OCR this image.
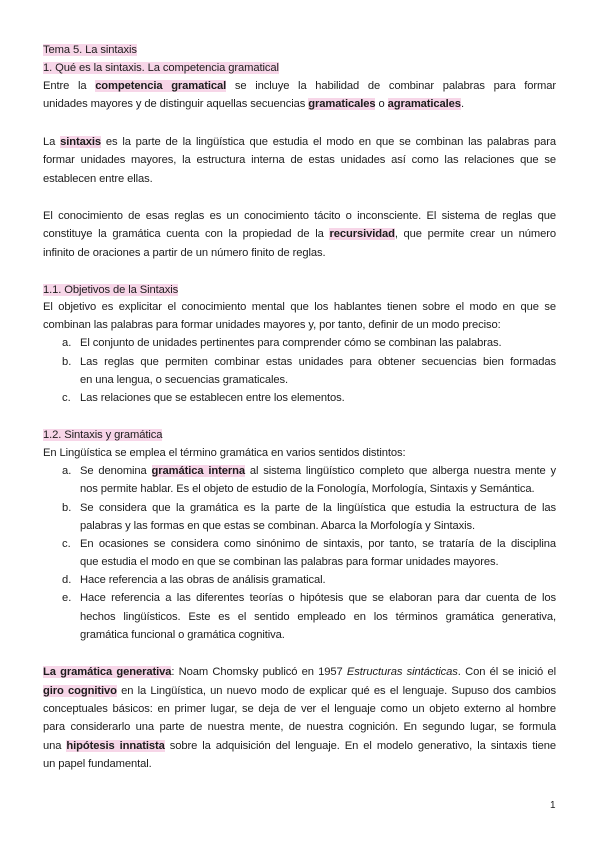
Tema 5. La sintaxis
1. Qué es la sintaxis. La competencia gramatical
Entre la competencia gramatical se incluye la habilidad de combinar palabras para formar
unidades mayores y de distinguir aquellas secuencias gramaticales o agramaticales.
La sintaxis es la parte de la lingüística que estudia el modo en que se combinan las palabras para
formar unidades mayores, la estructura interna de estas unidades así como las relaciones que se
establecen entre ellas.
El conocimiento de esas reglas es un conocimiento tácito o inconsciente. El sistema de reglas que
constituye la gramática cuenta con la propiedad de la recursividad, que permite crear un número
infinito de oraciones a partir de un número finito de reglas.
1.1. Objetivos de la Sintaxis
El objetivo es explicitar el conocimiento mental que los hablantes tienen sobre el modo en que se
combinan las palabras para formar unidades mayores y, por tanto, definir de un modo preciso:
a. El conjunto de unidades pertinentes para comprender cómo se combinan las palabras.
b. Las reglas que permiten combinar estas unidades para obtener secuencias bien formadas
en una lengua, o secuencias gramaticales.
c. Las relaciones que se establecen entre los elementos.
1.2. Sintaxis y gramática
En Lingüística se emplea el término gramática en varios sentidos distintos:
a. Se denomina gramática interna al sistema lingüístico completo que alberga nuestra mente y
nos permite hablar. Es el objeto de estudio de la Fonología, Morfología, Sintaxis y Semántica.
b. Se considera que la gramática es la parte de la lingüística que estudia la estructura de las
palabras y las formas en que estas se combinan. Abarca la Morfología y Sintaxis.
c. En ocasiones se considera como sinónimo de sintaxis, por tanto, se trataría de la disciplina
que estudia el modo en que se combinan las palabras para formar unidades mayores.
d. Hace referencia a las obras de análisis gramatical.
e. Hace referencia a las diferentes teorías o hipótesis que se elaboran para dar cuenta de los
hechos lingüísticos. Este es el sentido empleado en los términos gramática generativa,
gramática funcional o gramática cognitiva.
La gramática generativa: Noam Chomsky publicó en 1957 Estructuras sintácticas. Con él se inició el
giro cognitivo en la Lingüística, un nuevo modo de explicar qué es el lenguaje. Supuso dos cambios
conceptuales básicos: en primer lugar, se deja de ver el lenguaje como un objeto externo al hombre
para considerarlo una parte de nuestra mente, de nuestra cognición. En segundo lugar, se formula
una hipótesis innatista sobre la adquisición del lenguaje. En el modelo generativo, la sintaxis tiene
un papel fundamental.
1
